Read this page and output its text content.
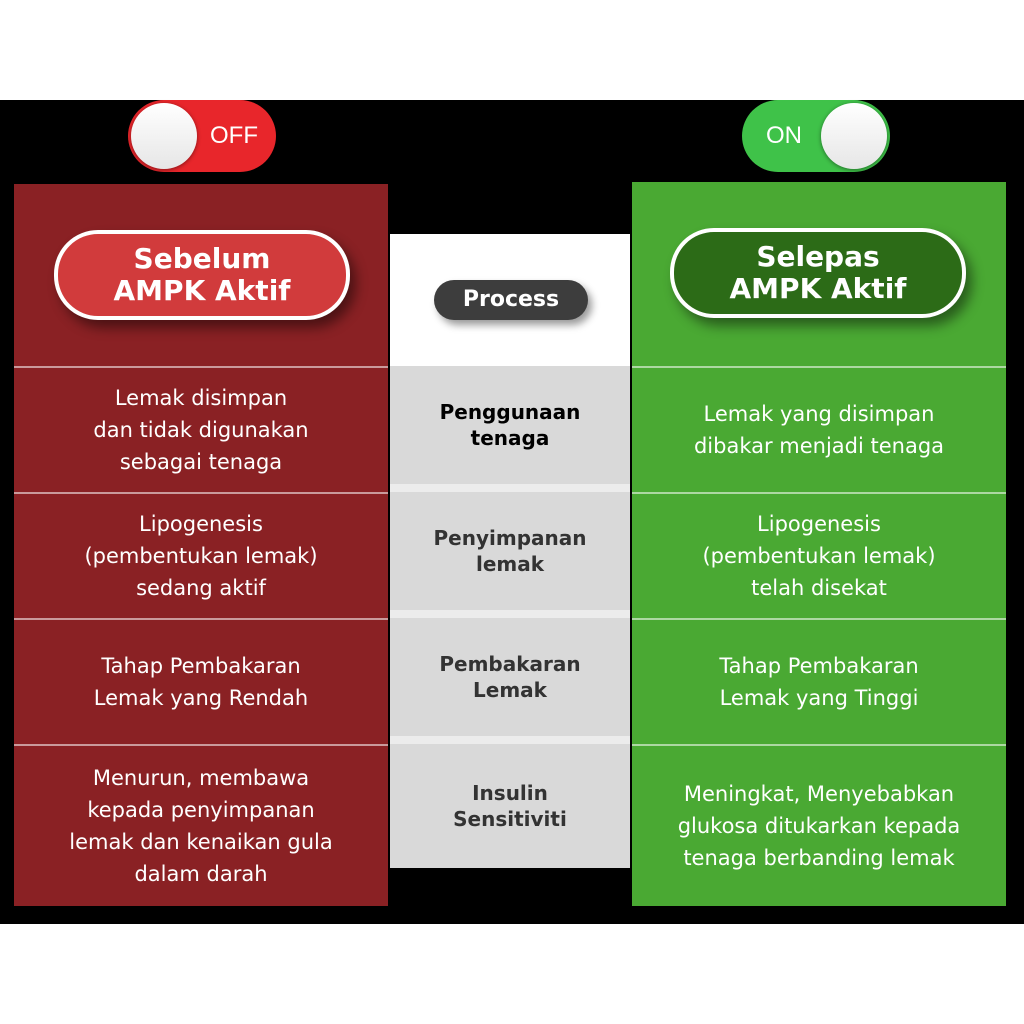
OFF	ON
Sebelum
AMPK Aktif
Lemak disimpan
dan tidak digunakan
sebagai tenaga
Lipogenesis
(pembentukan lemak)
sedang aktif
Tahap Pembakaran
Lemak yang Rendah
Menurun, membawa
kepada penyimpanan
lemak dan kenaikan gula
dalam darah
Process
Penggunaan
tenaga
Penyimpanan
lemak
Pembakaran
Lemak
Insulin
Sensitiviti
Selepas
AMPK Aktif
Lemak yang disimpan
dibakar menjadi tenaga
Lipogenesis
(pembentukan lemak)
telah disekat
Tahap Pembakaran
Lemak yang Tinggi
Meningkat, Menyebabkan
glukosa ditukarkan kepada
tenaga berbanding lemak
